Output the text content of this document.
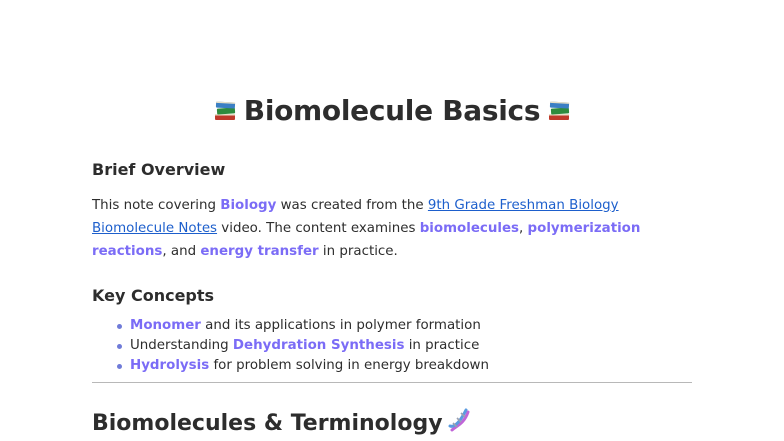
Biomolecule Basics
Brief Overview
This note covering Biology was created from the 9th Grade Freshman Biology Biomolecule Notes video. The content examines biomolecules, polymerization reactions, and energy transfer in practice.
Key Concepts
Monomer and its applications in polymer formation
Understanding Dehydration Synthesis in practice
Hydrolysis for problem solving in energy breakdown
Biomolecules & Terminology
